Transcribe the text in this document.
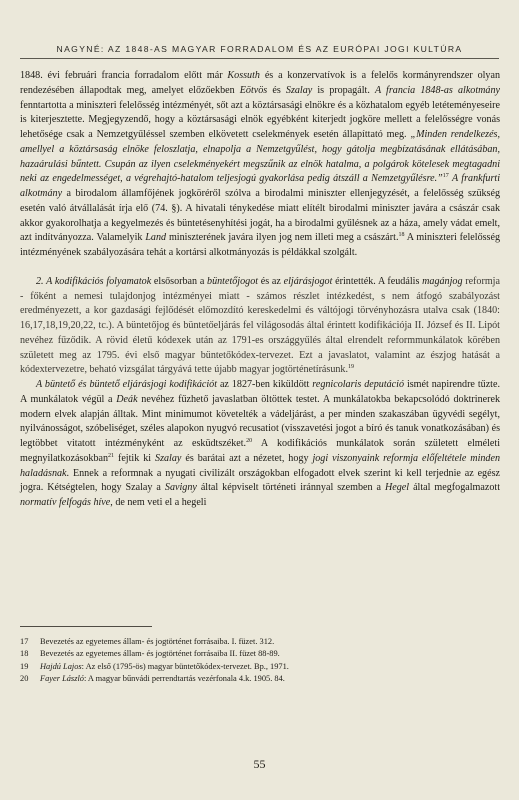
NAGYNÉ: AZ 1848-AS MAGYAR FORRADALOM ÉS AZ EURÓPAI JOGI KULTÚRA

1848. évi februári francia forradalom előtt már Kossuth és a konzervatívok is a felelős kormányrendszer olyan rendezésében állapodtak meg, amelyet előzőekben Eötvös és Szalay is propagált. A francia 1848-as alkotmány fenntartotta a miniszteri felelősség intézményét, sőt azt a köztársasági elnökre és a közhatalom egyéb letéteményeseire is kiterjesztette. Megjegyzendő, hogy a köztársasági elnök egyébként kiterjedt jogköre mellett a felelősségre vonás lehetősége csak a Nemzetgyűléssel szemben elkövetett cselekmények esetén állapíttató meg. „Minden rendelkezés, amellyel a köztársaság elnöke feloszlatja, elnapolja a Nemzetgyűlést, hogy gátolja megbízatásának ellátásában, hazaárulási bűntett. Csupán az ilyen cselekményekért megszűnik az elnök hatalma, a polgárok kötelesek megtagadni neki az engedelmességet, a végrehajtó-hatalom teljesjogú gyakorlása pedig átszáll a Nemzetgyűlésre.”$^{17}$ A frankfurti alkotmány a birodalom államfőjének jogköréről szólva a birodalmi miniszter ellenjegyzését, a felelősség szükség esetén való átvállalását írja elő (74. §). A hivatali ténykedése miatt elítélt birodalmi miniszter javára a császár csak akkor gyakorolhatja a kegyelmezés és büntetésenyhítési jogát, ha a birodalmi gyűlésnek az a háza, amely vádat emelt, azt indítványozza. Valamelyik Land miniszterének javára ilyen jog nem illeti meg a császárt.$^{18}$ A miniszteri felelősség intézményének szabályozására tehát a kortársi alkotmányozás is példákkal szolgált.

2. A kodifikációs folyamatok elsősorban a büntetőjogot és az eljárásjogot érintették. A feudális magánjog reformja - főként a nemesi tulajdonjog intézményei miatt - számos részlet intézkedést, s nem átfogó szabályozást eredményezett, a kor gazdasági fejlődését előmozdító kereskedelmi és váltójogi törvényhozásra utalva csak (1840: 16,17,18,19,20,22, tc.). A büntetőjog és büntetőeljárás fel világosodás által érintett kodifikációja II. József és II. Lipót nevéhez fűződik. A rövid életű kódexek után az 1791-es országgyűlés által elrendelt reformmunkálatok körében született meg az 1795. évi első magyar büntetőkódex-tervezet. Ezt a javaslatot, valamint az észjog hatását a kódextervezetre, beható vizsgálat tárgyává tette újabb magyar jogtörténetírásunk.$^{19}$

A büntető és büntető eljárásjogi kodifikációt az 1827-ben kiküldött regnicolaris deputáció ismét napirendre tűzte. A munkálatok végül a Deák nevéhez fűzhető javaslatban öltöttek testet. A munkálatokba bekapcsolódó doktrinerek modern elvek alapján álltak. Mint minimumot követelték a vádeljárást, a per minden szakaszában ügyvédi segélyt, nyilvánosságot, szóbeliséget, széles alapokon nyugvó recusatiot (visszavetési jogot a bíró és tanuk vonatkozásában) és legtöbbet vitatott intézményként az esküdtszéket.$^{20}$ A kodifikációs munkálatok során született elméleti megnyilatkozásokban$^{21}$ fejtik ki Szalay és barátai azt a nézetet, hogy jogi viszonyaink reformja előfeltétele minden haladásnak. Ennek a reformnak a nyugati civilizált országokban elfogadott elvek szerint ki kell terjednie az egész jogra. Kétségtelen, hogy Szalay a Savigny által képviselt történeti iránnyal szemben a Hegel által megfogalmazott normatív felfogás híve, de nem veti el a hegeli

17 Bevezetés az egyetemes állam- és jogtörténet forrásaiba. I. füzet. 312.
18 Bevezetés az egyetemes állam- és jogtörténet forrásaiba II. füzet 88-89.
19 Hajdú Lajos: Az első (1795-ös) magyar büntetőkódex-tervezet. Bp., 1971.
20 Fayer László: A magyar bűnvádi perrendtartás vezérfonala 4.k. 1905. 84.
55
